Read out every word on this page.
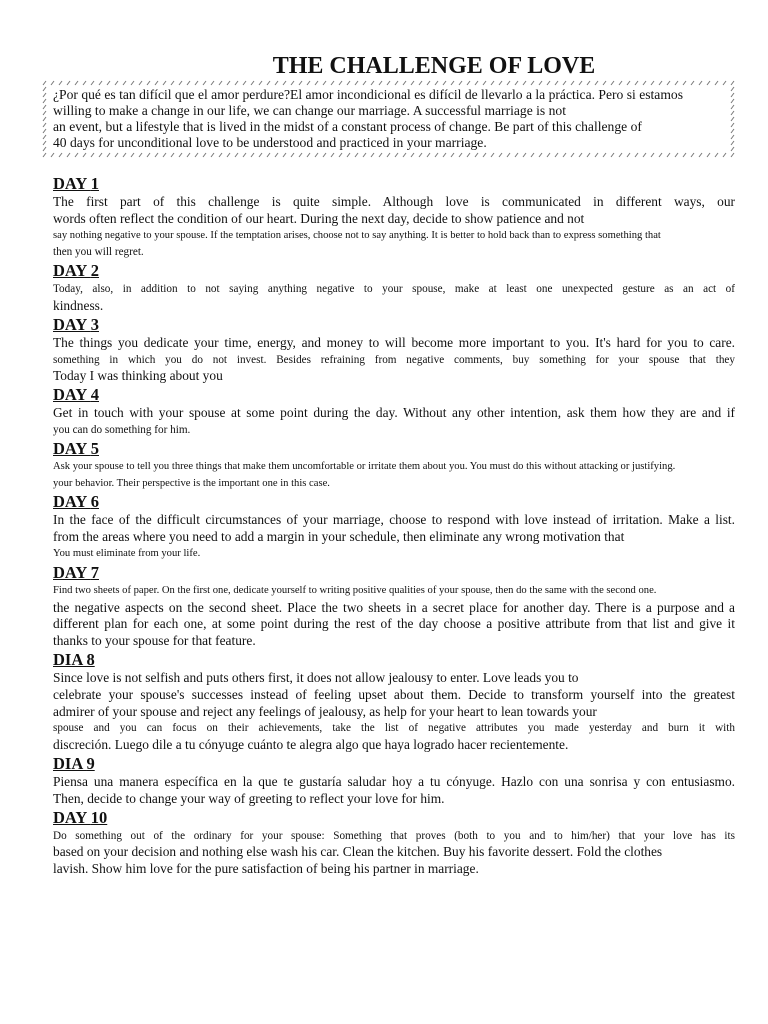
THE CHALLENGE OF LOVE
¿Por qué es tan difícil que el amor perdure?El amor incondicional es difícil de llevarlo a la práctica. Pero si estamos
willing to make a change in our life, we can change our marriage. A successful marriage is not
an event, but a lifestyle that is lived in the midst of a constant process of change. Be part of this challenge of
40 days for unconditional love to be understood and practiced in your marriage.
DAY 1
The first part of this challenge is quite simple. Although love is communicated in different ways, our
words often reflect the condition of our heart. During the next day, decide to show patience and not
say nothing negative to your spouse. If the temptation arises, choose not to say anything. It is better to hold back than to express something that
then you will regret.
DAY 2
Today, also, in addition to not saying anything negative to your spouse, make at least one unexpected gesture as an act of
kindness.
DAY 3
The things you dedicate your time, energy, and money to will become more important to you. It's hard for you to care.
something in which you do not invest. Besides refraining from negative comments, buy something for your spouse that they
Today I was thinking about you
DAY 4
Get in touch with your spouse at some point during the day. Without any other intention, ask them how they are and if
you can do something for him.
DAY 5
Ask your spouse to tell you three things that make them uncomfortable or irritate them about you. You must do this without attacking or justifying.
your behavior. Their perspective is the important one in this case.
DAY 6
In the face of the difficult circumstances of your marriage, choose to respond with love instead of irritation. Make a list.
from the areas where you need to add a margin in your schedule, then eliminate any wrong motivation that
You must eliminate from your life.
DAY 7
Find two sheets of paper. On the first one, dedicate yourself to writing positive qualities of your spouse, then do the same with the second one.
the negative aspects on the second sheet. Place the two sheets in a secret place for another day. There is a purpose and a
different plan for each one, at some point during the rest of the day choose a positive attribute from that list and give it
thanks to your spouse for that feature.
DIA 8
Since love is not selfish and puts others first, it does not allow jealousy to enter. Love leads you to
celebrate your spouse's successes instead of feeling upset about them. Decide to transform yourself into the greatest
admirer of your spouse and reject any feelings of jealousy, as help for your heart to lean towards your
spouse and you can focus on their achievements, take the list of negative attributes you made yesterday and burn it with
discreción. Luego dile a tu cónyuge cuánto te alegra algo que haya logrado hacer recientemente.
DIA 9
Piensa una manera específica en la que te gustaría saludar hoy a tu cónyuge. Hazlo con una sonrisa y con entusiasmo.
Then, decide to change your way of greeting to reflect your love for him.
DAY 10
Do something out of the ordinary for your spouse: Something that proves (both to you and to him/her) that your love has its
based on your decision and nothing else wash his car. Clean the kitchen. Buy his favorite dessert. Fold the clothes
lavish. Show him love for the pure satisfaction of being his partner in marriage.
